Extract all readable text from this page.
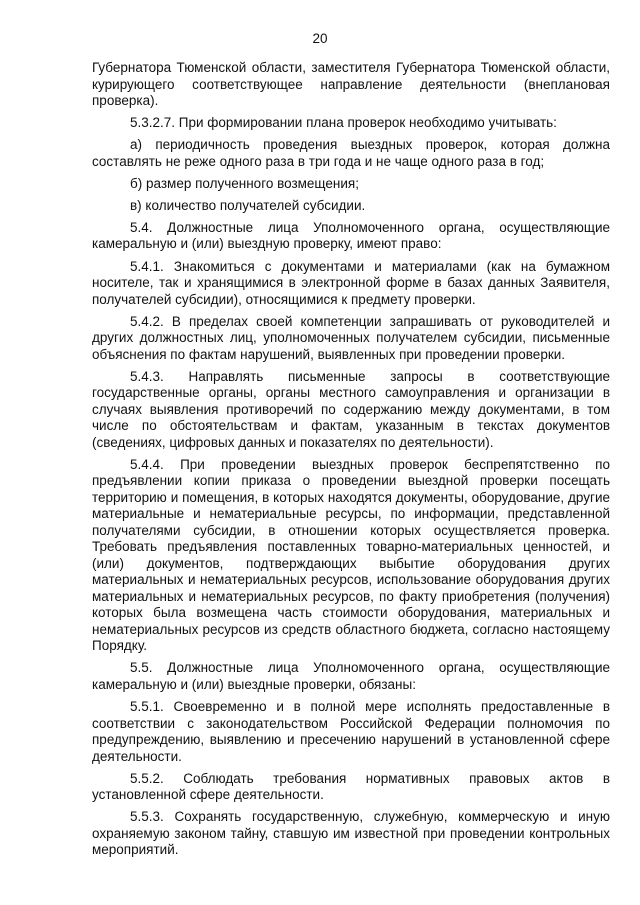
20

Губернатора Тюменской области, заместителя Губернатора Тюменской области, курирующего соответствующее направление деятельности (внеплановая проверка).

5.3.2.7. При формировании плана проверок необходимо учитывать:

а) периодичность проведения выездных проверок, которая должна составлять не реже одного раза в три года и не чаще одного раза в год;

б) размер полученного возмещения;

в) количество получателей субсидии.

5.4. Должностные лица Уполномоченного органа, осуществляющие камеральную и (или) выездную проверку, имеют право:

5.4.1. Знакомиться с документами и материалами (как на бумажном носителе, так и хранящимися в электронной форме в базах данных Заявителя, получателей субсидии), относящимися к предмету проверки.

5.4.2. В пределах своей компетенции запрашивать от руководителей и других должностных лиц, уполномоченных получателем субсидии, письменные объяснения по фактам нарушений, выявленных при проведении проверки.

5.4.3. Направлять письменные запросы в соответствующие государственные органы, органы местного самоуправления и организации в случаях выявления противоречий по содержанию между документами, в том числе по обстоятельствам и фактам, указанным в текстах документов (сведениях, цифровых данных и показателях по деятельности).

5.4.4. При проведении выездных проверок беспрепятственно по предъявлении копии приказа о проведении выездной проверки посещать территорию и помещения, в которых находятся документы, оборудование, другие материальные и нематериальные ресурсы, по информации, представленной получателями субсидии, в отношении которых осуществляется проверка. Требовать предъявления поставленных товарно-материальных ценностей, и (или) документов, подтверждающих выбытие оборудования других материальных и нематериальных ресурсов, использование оборудования других материальных и нематериальных ресурсов, по факту приобретения (получения) которых была возмещена часть стоимости оборудования, материальных и нематериальных ресурсов из средств областного бюджета, согласно настоящему Порядку.

5.5. Должностные лица Уполномоченного органа, осуществляющие камеральную и (или) выездные проверки, обязаны:

5.5.1. Своевременно и в полной мере исполнять предоставленные в соответствии с законодательством Российской Федерации полномочия по предупреждению, выявлению и пресечению нарушений в установленной сфере деятельности.

5.5.2. Соблюдать требования нормативных правовых актов в установленной сфере деятельности.

5.5.3. Сохранять государственную, служебную, коммерческую и иную охраняемую законом тайну, ставшую им известной при проведении контрольных мероприятий.
